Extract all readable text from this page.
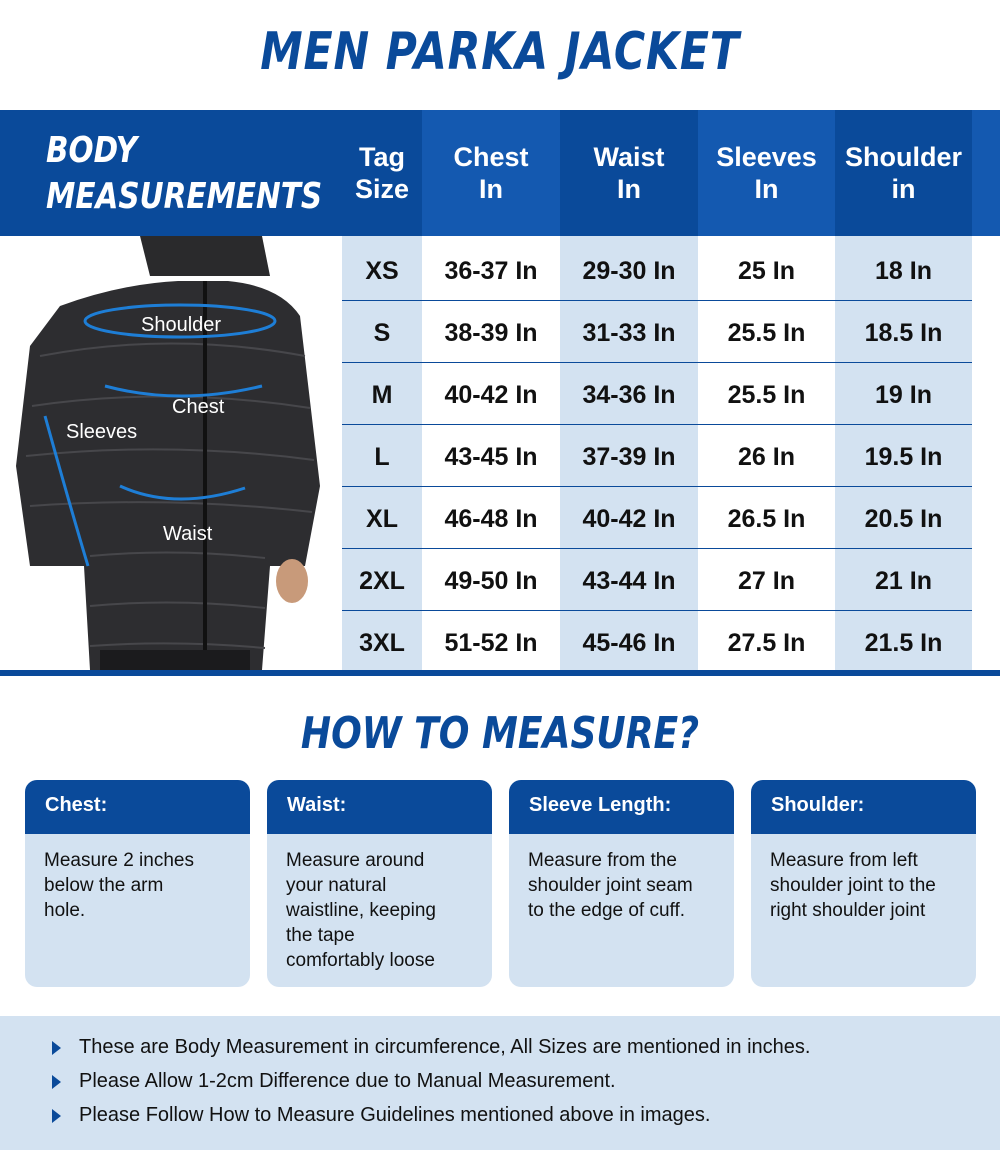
MEN PARKA JACKET
BODY
MEASUREMENTS
Shoulder
Chest
Sleeves
Waist
Tag
Size
Chest
In
Waist
In
Sleeves
In
Shoulder
in
XS
S
M
L
XL
2XL
3XL
36-37 In
38-39 In
40-42 In
43-45 In
46-48 In
49-50 In
51-52 In
29-30 In
31-33 In
34-36 In
37-39 In
40-42 In
43-44 In
45-46 In
25 In
25.5 In
25.5 In
26 In
26.5 In
27 In
27.5 In
18 In
18.5 In
19 In
19.5 In
20.5 In
21 In
21.5 In
HOW TO MEASURE?
Chest:
Measure 2 inches
below the arm
hole.
Waist:
Measure around
your natural
waistline, keeping
the tape
comfortably loose
Sleeve Length:
Measure from the
shoulder joint seam
to the edge of cuff.
Shoulder:
Measure from left
shoulder joint to the
right shoulder joint
These are Body Measurement in circumference, All Sizes are mentioned in inches.
Please Allow 1-2cm Difference due to Manual Measurement.
Please Follow How to Measure Guidelines mentioned above in images.
